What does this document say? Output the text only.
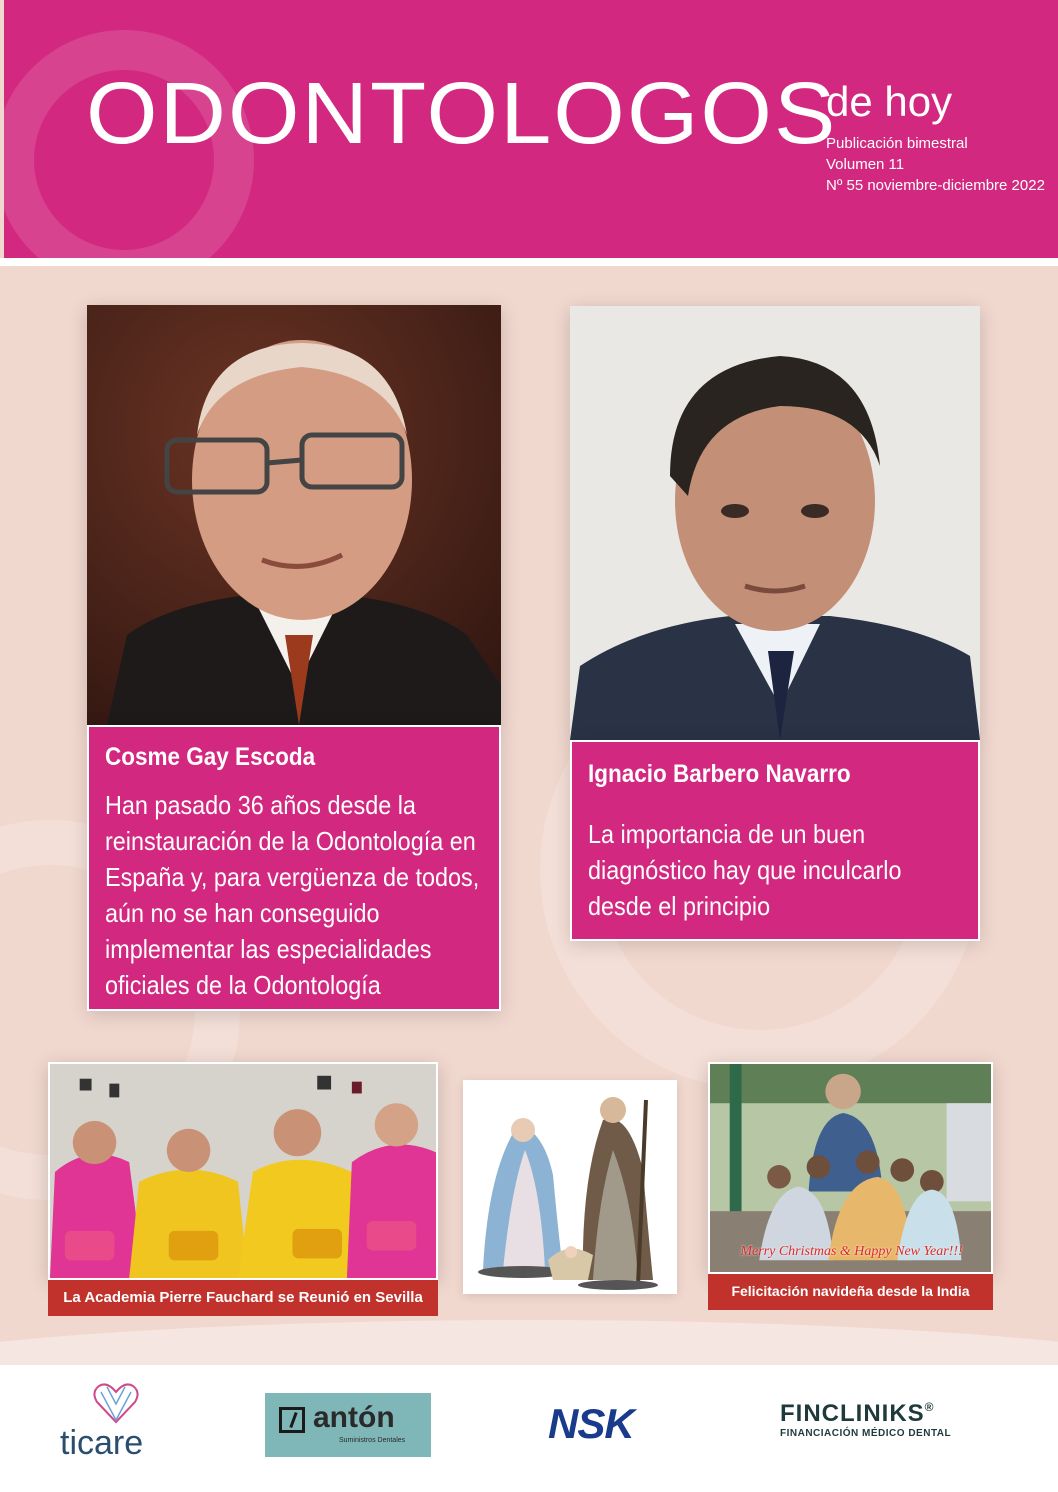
ODONTOLOGOS
de hoy
Publicación bimestral
Volumen 11
Nº 55 noviembre-diciembre 2022
Cosme Gay Escoda
Han pasado 36 años desde la reinstauración de la Odontología en España y, para vergüenza de todos, aún no se han conseguido implementar las especialidades oficiales de la Odontología
Ignacio Barbero Navarro
La importancia de un buen diagnóstico hay que inculcarlo desde el principio
La Academia Pierre Fauchard se Reunió en Sevilla
Merry Christmas & Happy New Year!!!
Felicitación navideña desde la India
ticare
antón
Suministros Dentales	NSK	FINCLINIKS®
FINANCIACIÓN MÉDICO DENTAL
